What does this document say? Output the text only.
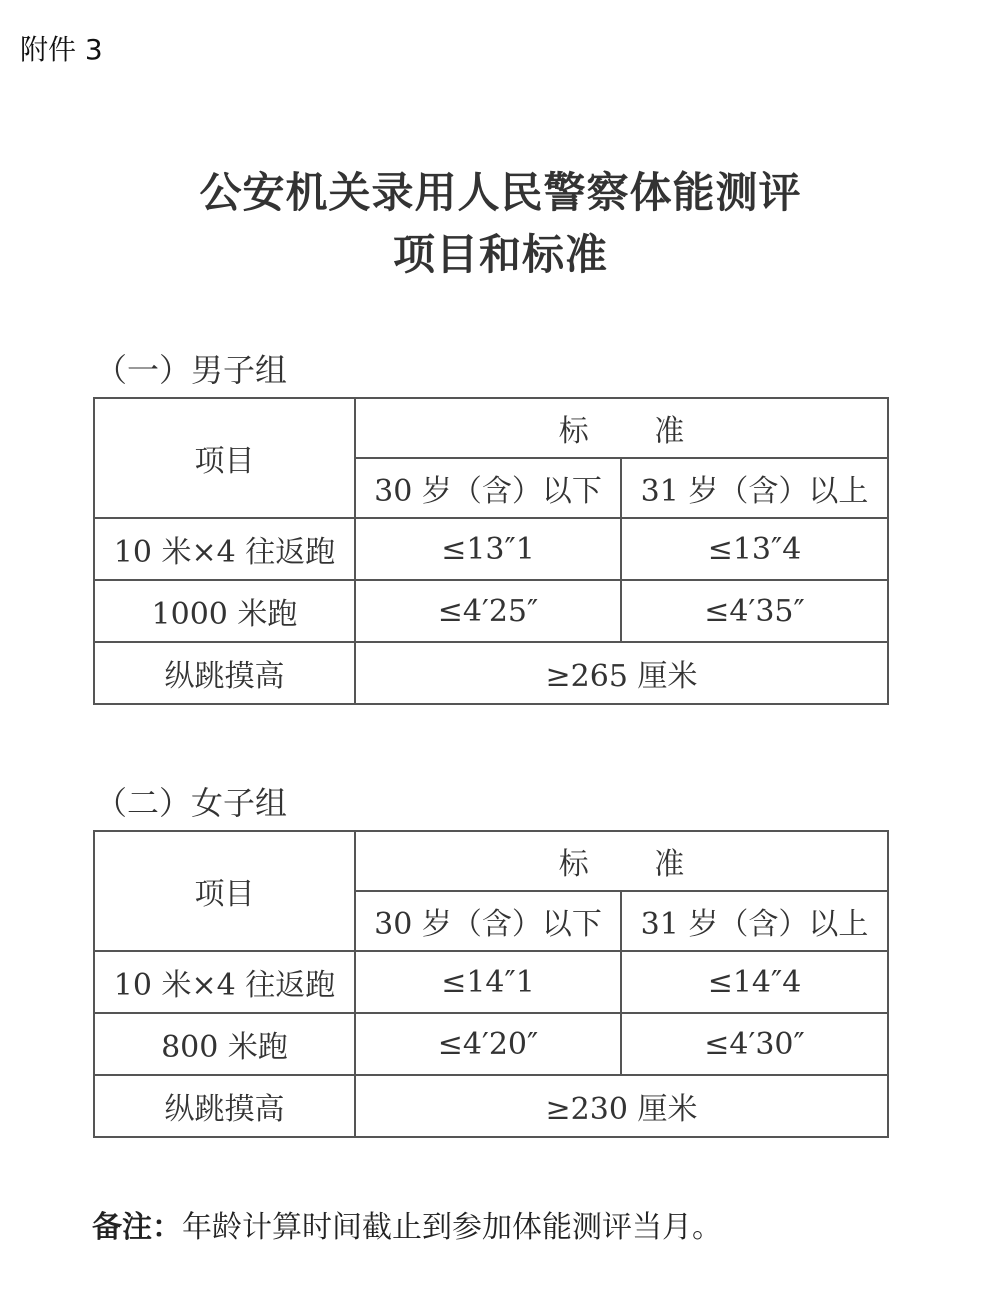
附件 3
公安机关录用人民警察体能测评
项目和标准
（一）男子组
项目	标 准	
	30 岁（含）以下	31 岁（含）以上
10 米×4 往返跑	≤13″1	≤13″4
1000 米跑	≤4′25″	≤4′35″
纵跳摸高	≥265 厘米	
（二）女子组
项目	标 准	
	30 岁（含）以下	31 岁（含）以上
10 米×4 往返跑	≤14″1	≤14″4
800 米跑	≤4′20″	≤4′30″
纵跳摸高	≥230 厘米	
备注：年龄计算时间截止到参加体能测评当月。
